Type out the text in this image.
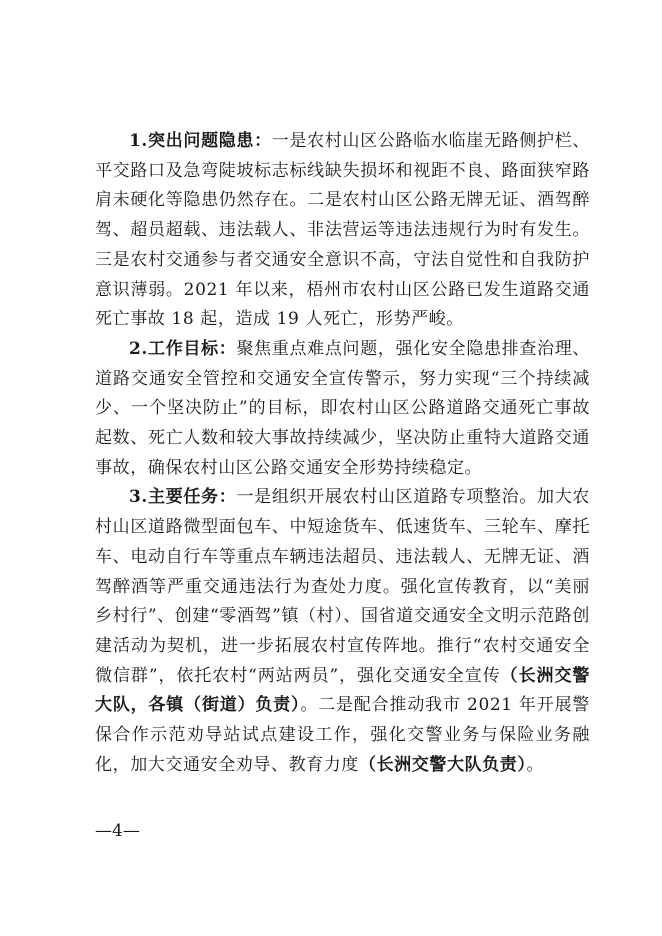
1.突出问题隐患：一是农村山区公路临水临崖无路侧护栏、平交路口及急弯陡坡标志标线缺失损坏和视距不良、路面狭窄路肩未硬化等隐患仍然存在。二是农村山区公路无牌无证、酒驾醉驾、超员超载、违法载人、非法营运等违法违规行为时有发生。三是农村交通参与者交通安全意识不高，守法自觉性和自我防护意识薄弱。2021 年以来，梧州市农村山区公路已发生道路交通死亡事故 18 起，造成 19 人死亡，形势严峻。

2.工作目标：聚焦重点难点问题，强化安全隐患排查治理、道路交通安全管控和交通安全宣传警示，努力实现“三个持续减少、一个坚决防止”的目标，即农村山区公路道路交通死亡事故起数、死亡人数和较大事故持续减少，坚决防止重特大道路交通事故，确保农村山区公路交通安全形势持续稳定。

3.主要任务：一是组织开展农村山区道路专项整治。加大农村山区道路微型面包车、中短途货车、低速货车、三轮车、摩托车、电动自行车等重点车辆违法超员、违法载人、无牌无证、酒驾醉酒等严重交通违法行为查处力度。强化宣传教育，以“美丽乡村行”、创建“零酒驾”镇（村）、国省道交通安全文明示范路创建活动为契机，进一步拓展农村宣传阵地。推行“农村交通安全微信群”，依托农村“两站两员”，强化交通安全宣传（长洲交警大队，各镇（街道）负责）。二是配合推动我市 2021 年开展警保合作示范劝导站试点建设工作，强化交警业务与保险业务融化，加大交通安全劝导、教育力度（长洲交警大队负责）。

—4—
